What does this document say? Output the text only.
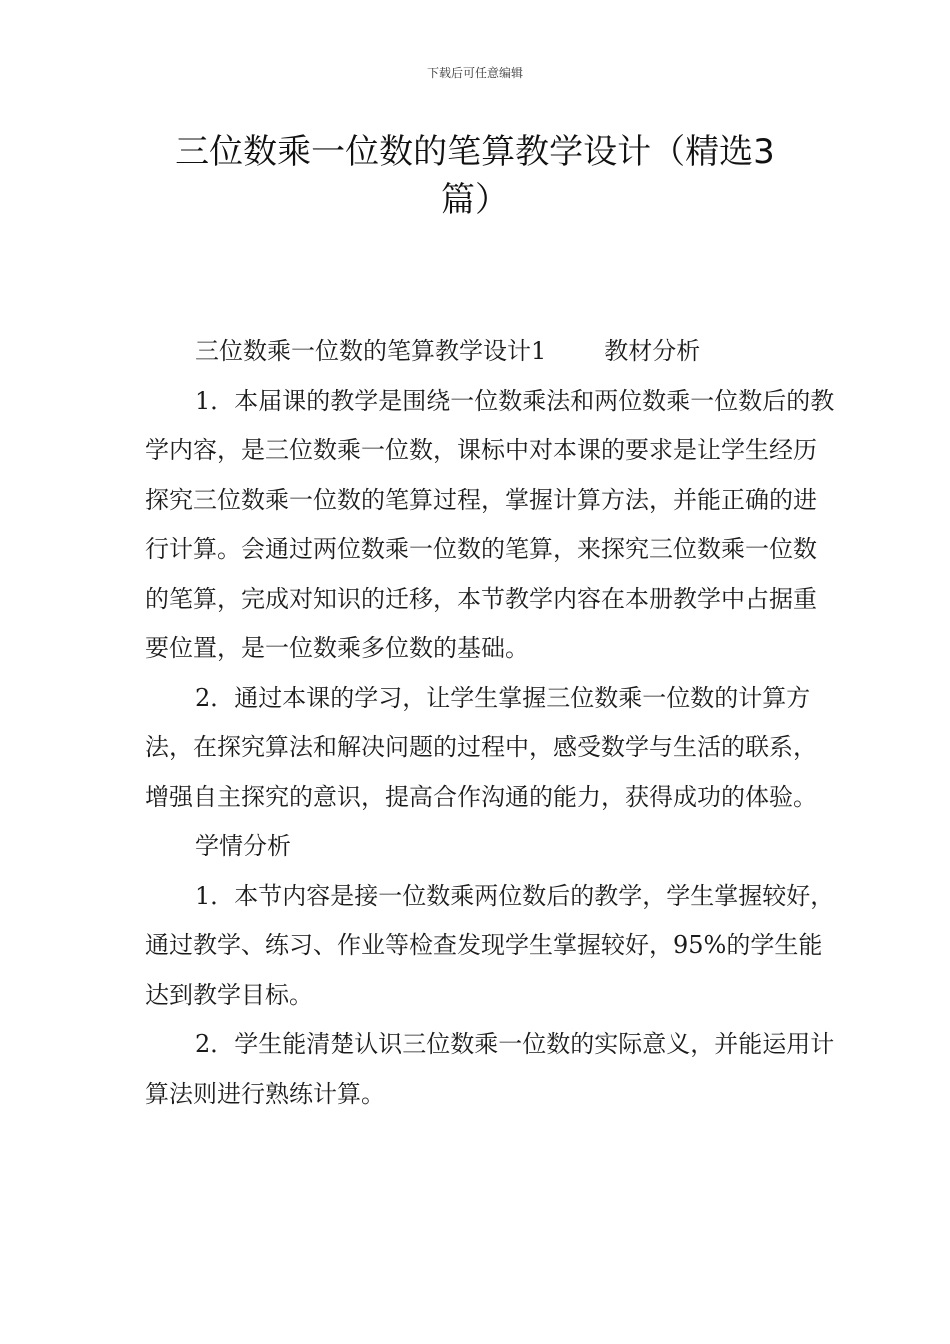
下载后可任意编辑
三位数乘一位数的笔算教学设计（精选3篇）

三位数乘一位数的笔算教学设计1 教材分析

1．本届课的教学是围绕一位数乘法和两位数乘一位数后的教学内容，是三位数乘一位数，课标中对本课的要求是让学生经历探究三位数乘一位数的笔算过程，掌握计算方法，并能正确的进行计算。会通过两位数乘一位数的笔算，来探究三位数乘一位数的笔算，完成对知识的迁移，本节教学内容在本册教学中占据重要位置，是一位数乘多位数的基础。

2．通过本课的学习，让学生掌握三位数乘一位数的计算方法，在探究算法和解决问题的过程中，感受数学与生活的联系，增强自主探究的意识，提高合作沟通的能力，获得成功的体验。

学情分析

1．本节内容是接一位数乘两位数后的教学，学生掌握较好，通过教学、练习、作业等检查发现学生掌握较好，95%的学生能达到教学目标。

2．学生能清楚认识三位数乘一位数的实际意义，并能运用计算法则进行熟练计算。
